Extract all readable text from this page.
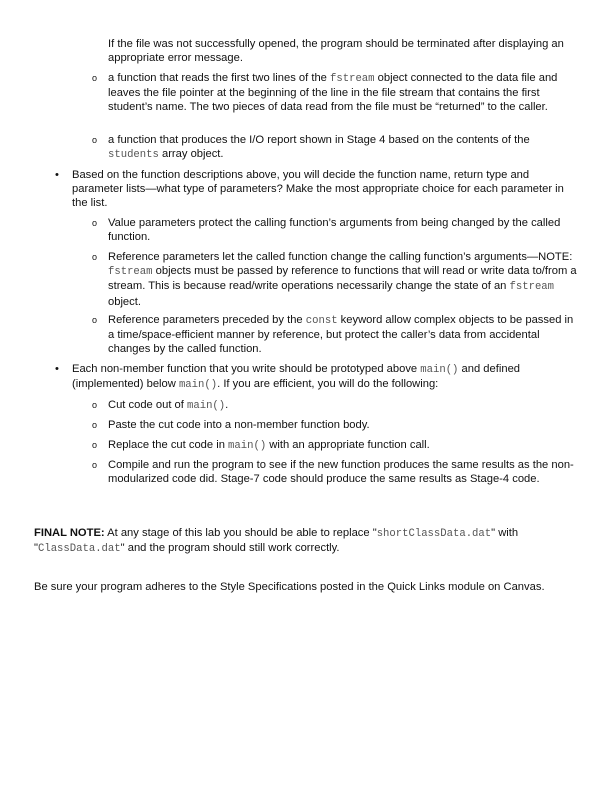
If the file was not successfully opened, the program should be terminated after displaying an appropriate error message.

o a function that reads the first two lines of the fstream object connected to the data file and leaves the file pointer at the beginning of the line in the file stream that contains the first student’s name. The two pieces of data read from the file must be “returned” to the caller.

o a function that produces the I/O report shown in Stage 4 based on the contents of the students array object.

•	Based on the function descriptions above, you will decide the function name, return type and parameter lists—what type of parameters? Make the most appropriate choice for each parameter in the list.

o Value parameters protect the calling function’s arguments from being changed by the called function.

o Reference parameters let the called function change the calling function’s arguments—NOTE: fstream objects must be passed by reference to functions that will read or write data to/from a stream. This is because read/write operations necessarily change the state of an fstream object.

o Reference parameters preceded by the const keyword allow complex objects to be passed in a time/space-efficient manner by reference, but protect the caller’s data from accidental changes by the called function.

•	Each non-member function that you write should be prototyped above main() and defined (implemented) below main(). If you are efficient, you will do the following:

o Cut code out of main().

o Paste the cut code into a non-member function body.

o Replace the cut code in main() with an appropriate function call.

o Compile and run the program to see if the new function produces the same results as the non-modularized code did. Stage-7 code should produce the same results as Stage-4 code.

FINAL NOTE: At any stage of this lab you should be able to replace "shortClassData.dat" with "ClassData.dat" and the program should still work correctly.

Be sure your program adheres to the Style Specifications posted in the Quick Links module on Canvas.
